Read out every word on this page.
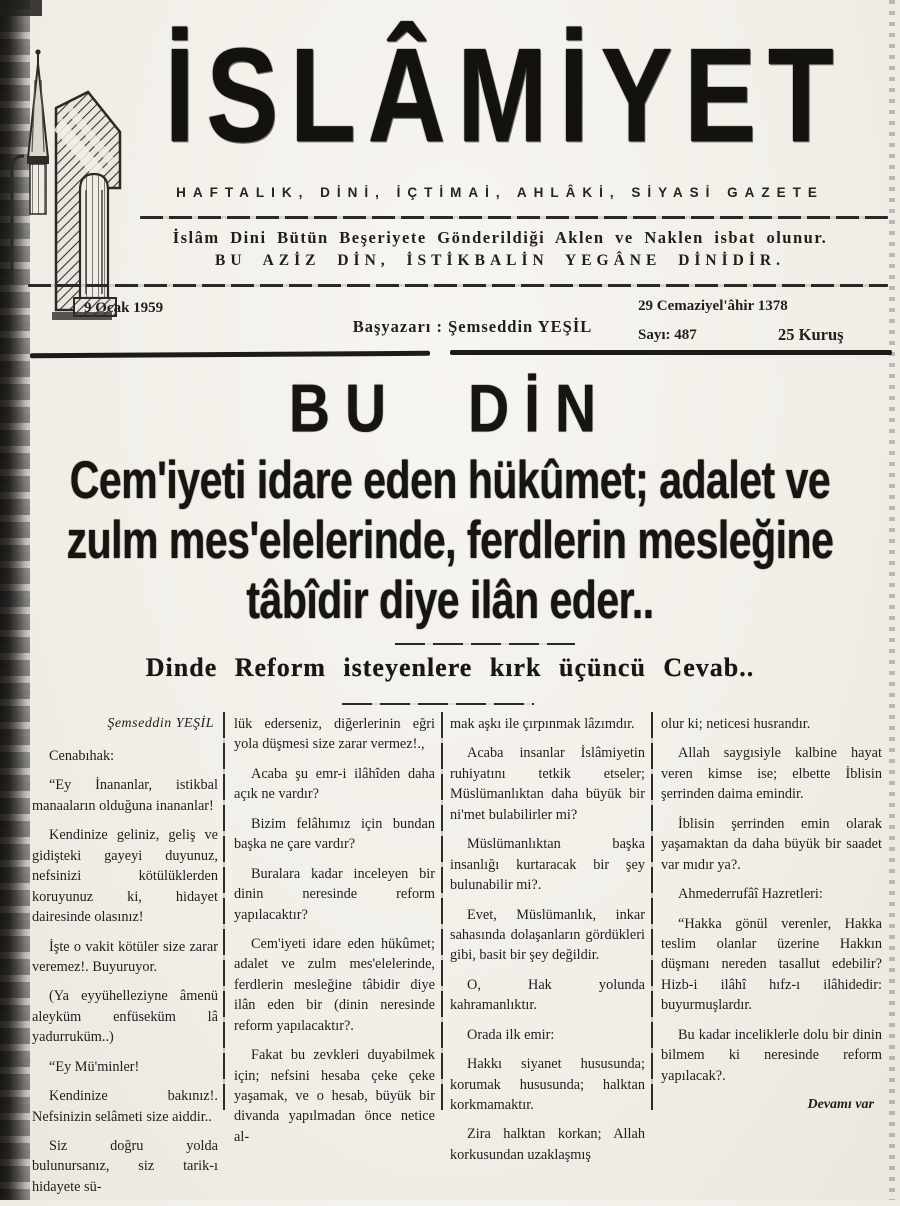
İSLÂMİYET
HAFTALIK, DİNİ, İÇTİMAİ, AHLÂKİ, SİYASİ GAZETE
İslâm Dini Bütün Beşeriyete Gönderildiği Aklen ve Naklen isbat olunur.
BU AZİZ DİN, İSTİKBALİN YEGÂNE DİNİDİR.
9 Ocak 1959
Başyazarı : Şemseddin YEŞİL
29 Cemaziyel'âhir 1378
Sayı: 487	25 Kuruş
BU DİN
Cem'iyeti idare eden hükûmet; adalet ve
zulm mes'elelerinde, ferdlerin mesleğine
tâbîdir diye ilân eder..
Dinde Reform isteyenlere kırk üçüncü Cevab..
Şemseddin YEŞİL

Cenabıhak:

“Ey İnananlar, istikbal manaaların olduğuna inananlar!

Kendinize geliniz, geliş ve gidişteki gayeyi duyunuz, nefsinizi kötülüklerden koruyunuz ki, hidayet dairesinde olasınız!

İşte o vakit kötüler size zarar veremez!. Buyuruyor.

(Ya eyyühelleziyne âmenü aleyküm enfüseküm lâ yadurruküm..)

“Ey Mü'minler!

Kendinize bakınız!. Nefsinizin selâmeti size aiddir..

Siz doğru yolda bulunursanız, siz tarik-ı hidayete sü-

lük ederseniz, diğerlerinin eğri yola düşmesi size zarar vermez!.,

Acaba şu emr-i ilâhîden daha açık ne vardır?

Bizim felâhımız için bundan başka ne çare vardır?

Buralara kadar inceleyen bir dinin neresinde reform yapılacaktır?

Cem'iyeti idare eden hükûmet; adalet ve zulm mes'elelerinde, ferdlerin mesleğine tâbidir diye ilân eden bir (dinin neresinde reform yapılacaktır?.

Fakat bu zevkleri duyabilmek için; nefsini hesaba çeke çeke yaşamak, ve o hesab, büyük bir divanda yapılmadan önce netice al-

mak aşkı ile çırpınmak lâzımdır.

Acaba insanlar İslâmiyetin ruhiyatını tetkik etseler; Müslümanlıktan daha büyük bir ni'met bulabilirler mi?

Müslümanlıktan başka insanlığı kurtaracak bir şey bulunabilir mi?.

Evet, Müslümanlık, inkar sahasında dolaşanların gördükleri gibi, basit bir şey değildir.

O, Hak yolunda kahramanlıktır.

Orada ilk emir:

Hakkı siyanet hususunda; korumak hususunda; halktan korkmamaktır.

Zira halktan korkan; Allah korkusundan uzaklaşmış

olur ki; neticesi husrandır.

Allah saygısiyle kalbine hayat veren kimse ise; elbette İblisin şerrinden daima emindir.

İblisin şerrinden emin olarak yaşamaktan da daha büyük bir saadet var mıdır ya?.

Ahmederrufâî Hazretleri:

“Hakka gönül verenler, Hakka teslim olanlar üzerine Hakkın düşmanı nereden tasallut edebilir? Hizb-i ilâhî hıfz-ı ilâhidedir: buyurmuşlardır.

Bu kadar inceliklerle dolu bir dinin bilmem ki neresinde reform yapılacak?.

Devamı var
